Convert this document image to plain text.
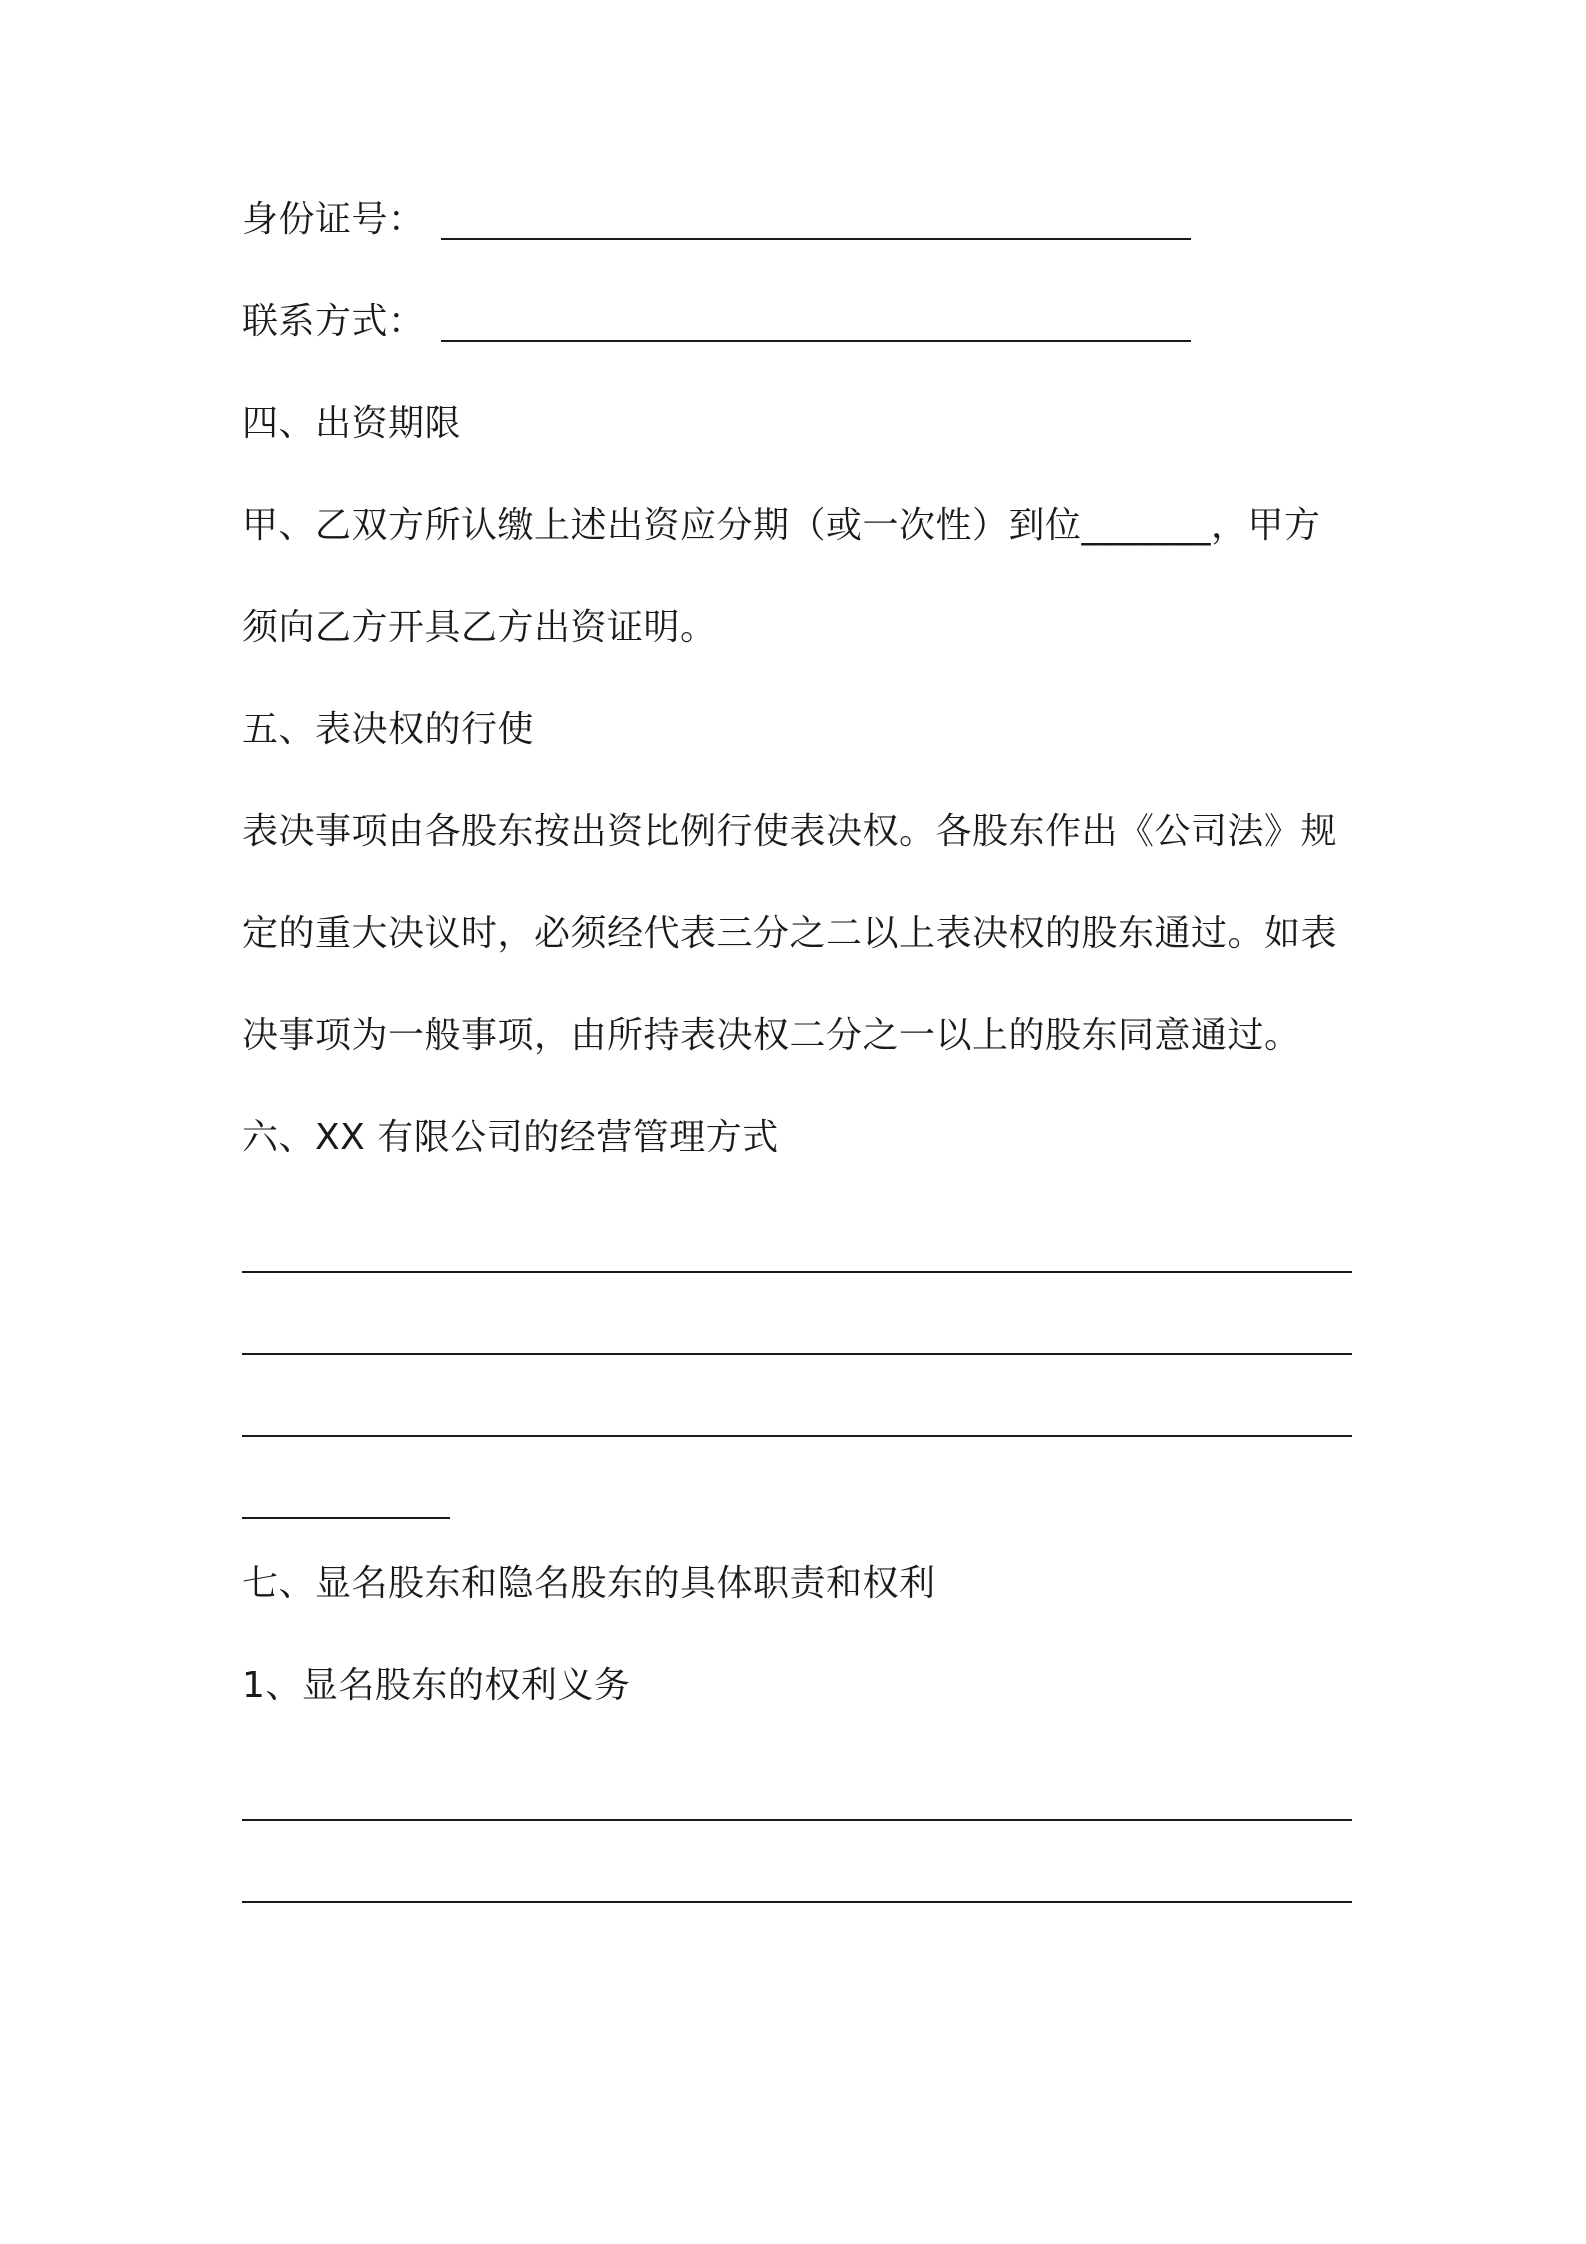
身份证号：
联系方式：
四、出资期限
甲、乙双方所认缴上述出资应分期（或一次性）到位_______，甲方
须向乙方开具乙方出资证明。
五、表决权的行使
表决事项由各股东按出资比例行使表决权。各股东作出《公司法》规
定的重大决议时，必须经代表三分之二以上表决权的股东通过。如表
决事项为一般事项，由所持表决权二分之一以上的股东同意通过。
六、XX 有限公司的经营管理方式
七、显名股东和隐名股东的具体职责和权利
1、显名股东的权利义务
